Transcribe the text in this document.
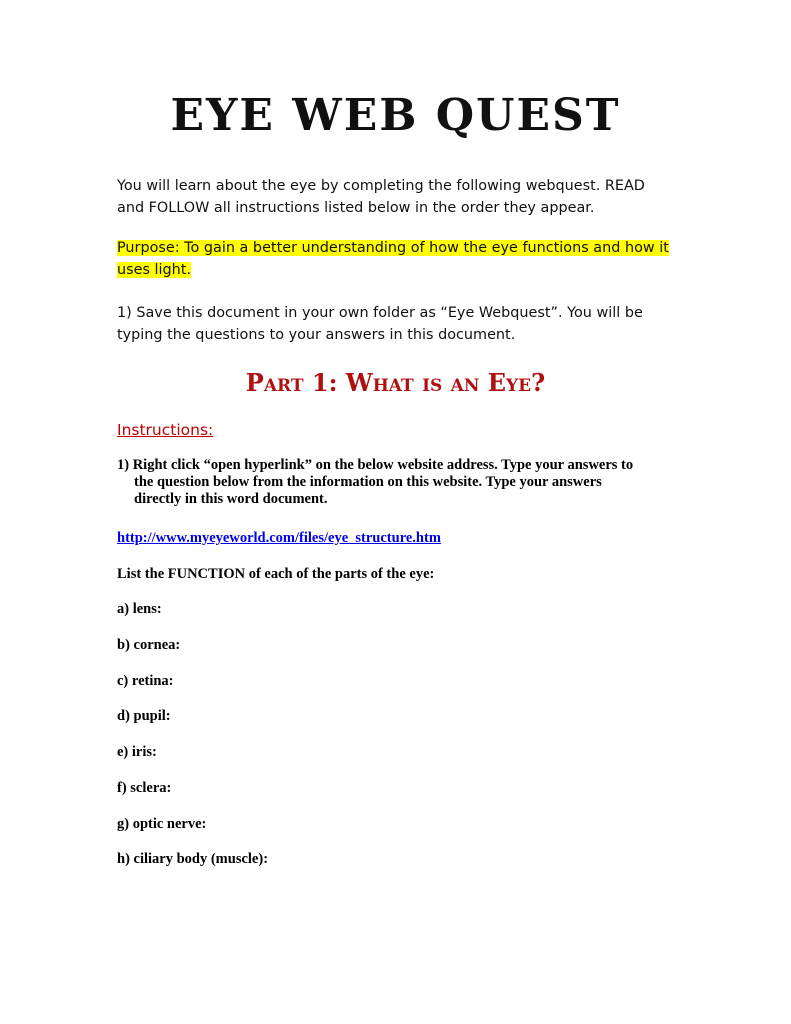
EYE WEB QUEST
You will learn about the eye by completing the following webquest. READ
and FOLLOW all instructions listed below in the order they appear.
Purpose: To gain a better understanding of how the eye functions and how it
uses light.
1) Save this document in your own folder as “Eye Webquest”. You will be
typing the questions to your answers in this document.
Part 1: What is an Eye?
Instructions:
1) Right click “open hyperlink” on the below website address. Type your answers to
the question below from the information on this website. Type your answers
directly in this word document.
http://www.myeyeworld.com/files/eye_structure.htm
List the FUNCTION of each of the parts of the eye:
a) lens:
b) cornea:
c) retina:
d) pupil:
e) iris:
f) sclera:
g) optic nerve:
h) ciliary body (muscle):
